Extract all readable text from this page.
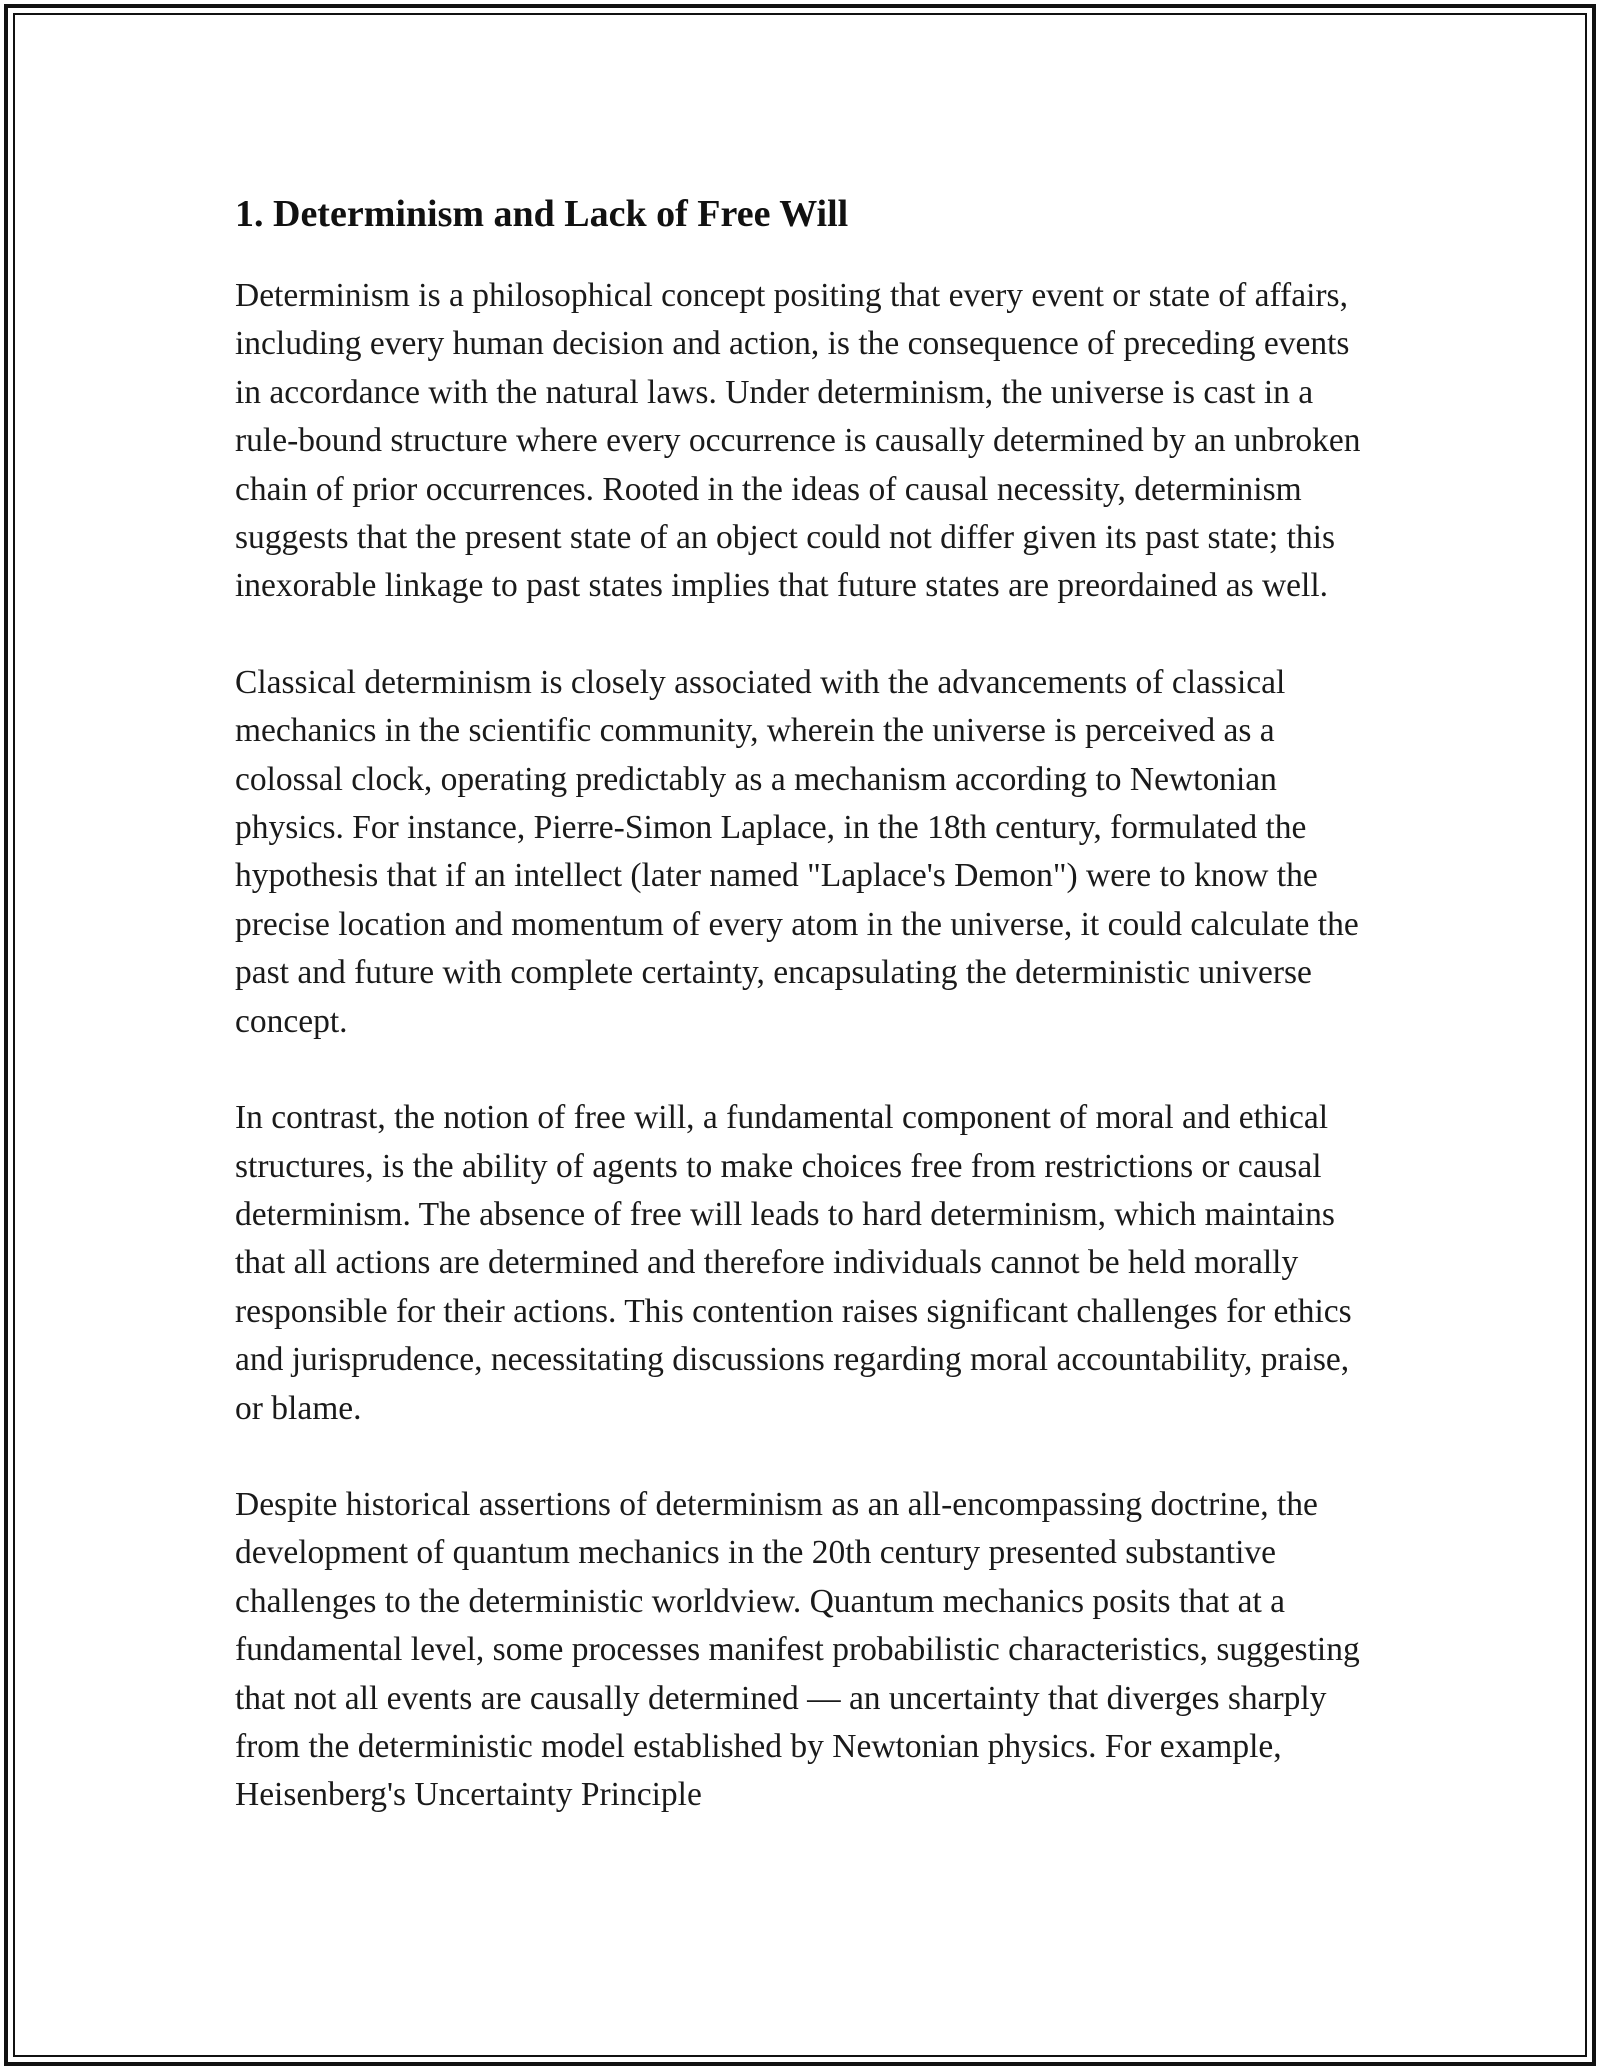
1. Determinism and Lack of Free Will

Determinism is a philosophical concept positing that every event or state of affairs, including every human decision and action, is the consequence of preceding events in accordance with the natural laws. Under determinism, the universe is cast in a rule-bound structure where every occurrence is causally determined by an unbroken chain of prior occurrences. Rooted in the ideas of causal necessity, determinism suggests that the present state of an object could not differ given its past state; this inexorable linkage to past states implies that future states are preordained as well.

Classical determinism is closely associated with the advancements of classical mechanics in the scientific community, wherein the universe is perceived as a colossal clock, operating predictably as a mechanism according to Newtonian physics. For instance, Pierre-Simon Laplace, in the 18th century, formulated the hypothesis that if an intellect (later named "Laplace's Demon") were to know the precise location and momentum of every atom in the universe, it could calculate the past and future with complete certainty, encapsulating the deterministic universe concept.

In contrast, the notion of free will, a fundamental component of moral and ethical structures, is the ability of agents to make choices free from restrictions or causal determinism. The absence of free will leads to hard determinism, which maintains that all actions are determined and therefore individuals cannot be held morally responsible for their actions. This contention raises significant challenges for ethics and jurisprudence, necessitating discussions regarding moral accountability, praise, or blame.

Despite historical assertions of determinism as an all-encompassing doctrine, the development of quantum mechanics in the 20th century presented substantive challenges to the deterministic worldview. Quantum mechanics posits that at a fundamental level, some processes manifest probabilistic characteristics, suggesting that not all events are causally determined — an uncertainty that diverges sharply from the deterministic model established by Newtonian physics. For example, Heisenberg's Uncertainty Principle
